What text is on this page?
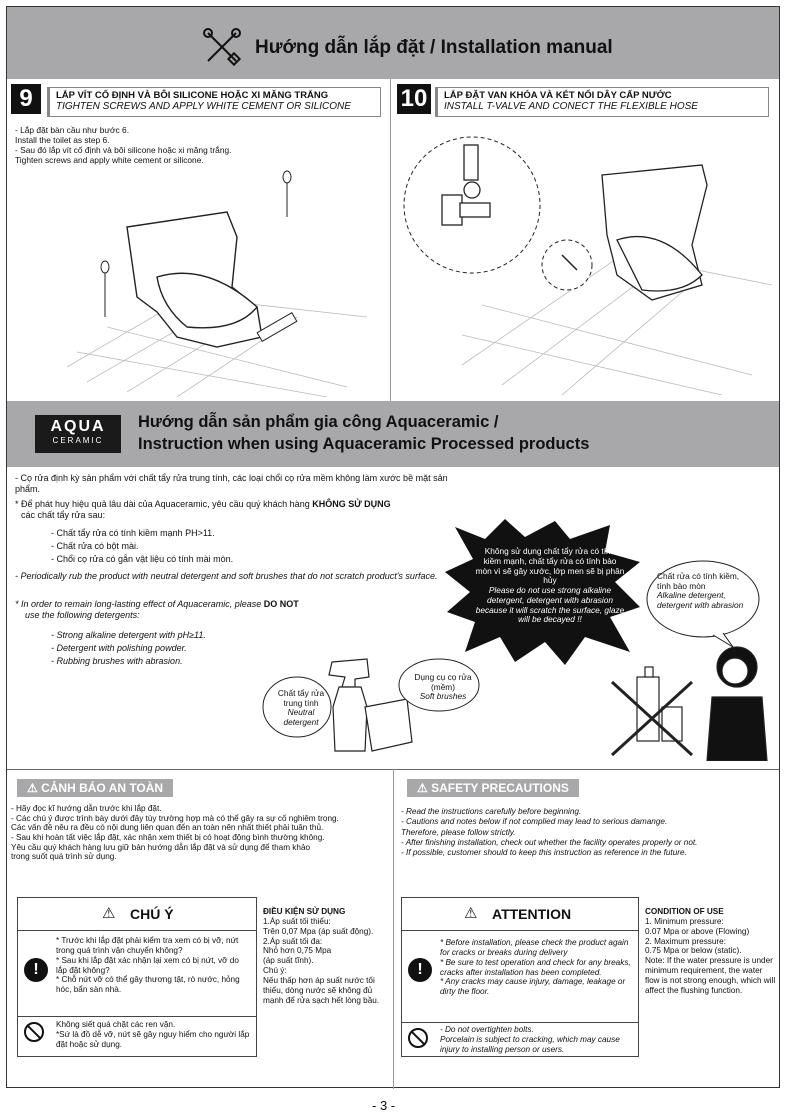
Hướng dẫn lắp đặt / Installation manual
9	LẮP VÍT CỐ ĐỊNH VÀ BÔI SILICONE HOẶC XI MĂNG TRẮNG
TIGHTEN SCREWS AND APPLY WHITE CEMENT OR SILICONE
- Lắp đặt bàn cầu như bước 6.
Install the toilet as step 6.
- Sau đó lắp vít cố định và bôi silicone hoặc xi măng trắng.
Tighten screws and apply white cement or silicone.
10	LẮP ĐẶT VAN KHÓA VÀ KÉT NỐI DÂY CẤP NƯỚC
INSTALL T-VALVE AND CONECT THE FLEXIBLE HOSE
AQUA
CERAMIC
Hướng dẫn sản phẩm gia công Aquaceramic /
Instruction when using Aquaceramic Processed products
- Cọ rửa định kỳ sản phẩm với chất tẩy rửa trung tính, các loại chổi cọ rửa mềm không làm xước bề mặt sản phẩm.
* Để phát huy hiệu quả lâu dài của Aquaceramic, yêu cầu quý khách hàng KHÔNG SỬ DỤNG
các chất tẩy rửa sau:
- Chất tẩy rửa có tính kiềm mạnh PH>11.
- Chất rửa có bột mài.
- Chổi cọ rửa có gắn vật liệu có tính mài mòn.
- Periodically rub the product with neutral detergent and soft brushes that do not scratch product's surface.
* In order to remain long-lasting effect of Aquaceramic, please DO NOT
use the following detergents:
- Strong alkaline detergent with pH≥11.
- Detergent with polishing powder.
- Rubbing brushes with abrasion.
Không sử dụng chất tẩy rửa có tính kiềm mạnh, chất tẩy rửa có tính bào mòn vì sẽ gây xước, lớp men sẽ bị phân hủy
Please do not use strong alkaline detergent, detergent with abrasion because it will scratch the surface, glaze will be decayed !!
Chất rửa có tính kiềm, tính bào mòn
Alkaline detergent, detergent with abrasion
Chất tẩy rửa trung tính
Neutral detergent
Dụng cụ cọ rửa (mềm)
Soft brushes
⚠ CẢNH BÁO AN TOÀN
- Hãy đọc kĩ hướng dẫn trước khi lắp đặt.
- Các chú ý được trình bày dưới đây tùy trường hợp mà có thể gây ra sự cố nghiêm trọng.
Các vấn đề nêu ra đều có nội dung liên quan đến an toàn nên nhất thiết phải tuân thủ.
- Sau khi hoàn tất việc lắp đặt, xác nhận xem thiết bị có hoạt động bình thường không.
Yêu cầu quý khách hàng lưu giữ bản hướng dẫn lắp đặt và sử dụng để tham khảo
trong suốt quá trình sử dụng.
⚠ SAFETY PRECAUTIONS
- Read the instructions carefully before beginning.
- Cautions and notes below if not complied may lead to serious damange.
Therefore, please follow strictly.
- After finishing installation, check out whether the facility operates properly or not.
- If possible, customer should to keep this instruction as reference in the future.
⚠ CHÚ Ý
!
* Trước khi lắp đặt phải kiểm tra xem có bị vỡ, nứt trong quá trình vận chuyển không?
* Sau khi lắp đặt xác nhận lại xem có bị nứt, vỡ do lắp đặt không?
* Chỗ nứt vỡ có thể gây thương tật, rò nước, hỏng hóc, bẩn sàn nhà.
Không siết quá chặt các ren vặn.
*Sứ là đồ dễ vỡ, nứt sẽ gây nguy hiểm cho người lắp đặt hoặc sử dụng.
ĐIỀU KIỆN SỬ DỤNG
1.Áp suất tối thiểu:
Trên 0,07 Mpa (áp suất động).
2.Áp suất tối đa:
Nhỏ hơn 0,75 Mpa
(áp suất tĩnh).
Chú ý:
Nếu thấp hơn áp suất nước tối thiểu, dòng nước sẽ không đủ mạnh để rửa sạch hết lòng bầu.
⚠ ATTENTION
!
* Before installation, please check the product again for cracks or breaks during delivery
* Be sure to test operation and check for any breaks, cracks after installation has been completed.
* Any cracks may cause injury, damage, leakage or dirty the floor.
- Do not overtighten bolts.
Porcelain is subject to cracking, which may cause injury to installing person or users.
CONDITION OF USE
1. Minimum pressure:
0.07 Mpa or above (Flowing)
2. Maximum pressure:
0.75 Mpa or below (static).
Note: If the water pressure is under minimum requirement, the water flow is not strong enough, which will affect the flushing function.
- 3 -
